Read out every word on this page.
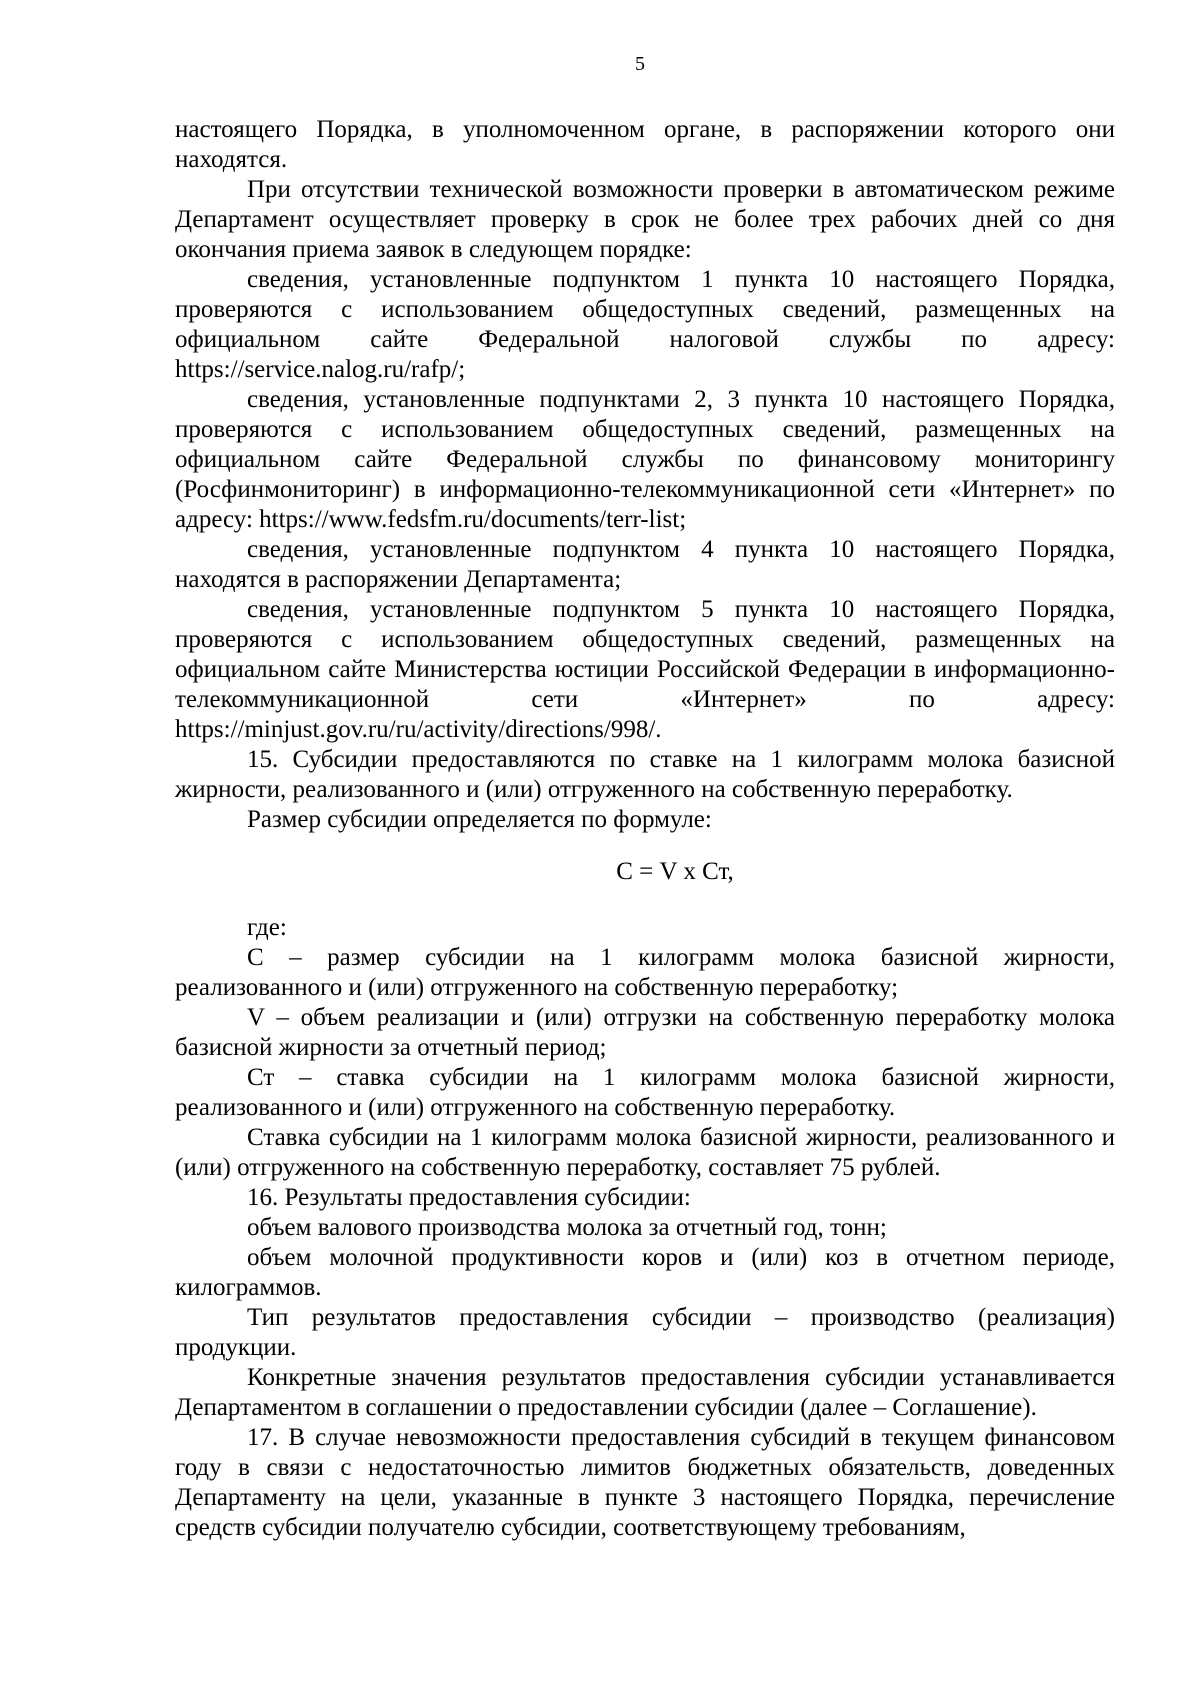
5

настоящего Порядка, в уполномоченном органе, в распоряжении которого они находятся.

При отсутствии технической возможности проверки в автоматическом режиме Департамент осуществляет проверку в срок не более трех рабочих дней со дня окончания приема заявок в следующем порядке:

сведения, установленные подпунктом 1 пункта 10 настоящего Порядка, проверяются с использованием общедоступных сведений, размещенных на официальном сайте Федеральной налоговой службы по адресу: https://service.nalog.ru/rafp/;

сведения, установленные подпунктами 2, 3 пункта 10 настоящего Порядка, проверяются с использованием общедоступных сведений, размещенных на официальном сайте Федеральной службы по финансовому мониторингу (Росфинмониторинг) в информационно-телекоммуникационной сети «Интернет» по адресу: https://www.fedsfm.ru/documents/terr-list;

сведения, установленные подпунктом 4 пункта 10 настоящего Порядка, находятся в распоряжении Департамента;

сведения, установленные подпунктом 5 пункта 10 настоящего Порядка, проверяются с использованием общедоступных сведений, размещенных на официальном сайте Министерства юстиции Российской Федерации в информационно-телекоммуникационной сети «Интернет» по адресу: https://minjust.gov.ru/ru/activity/directions/998/.

15. Субсидии предоставляются по ставке на 1 килограмм молока базисной жирности, реализованного и (или) отгруженного на собственную переработку.

Размер субсидии определяется по формуле:

С = V х Ст,

где:

С – размер субсидии на 1 килограмм молока базисной жирности, реализованного и (или) отгруженного на собственную переработку;

V – объем реализации и (или) отгрузки на собственную переработку молока базисной жирности за отчетный период;

Ст – ставка субсидии на 1 килограмм молока базисной жирности, реализованного и (или) отгруженного на собственную переработку.

Ставка субсидии на 1 килограмм молока базисной жирности, реализованного и (или) отгруженного на собственную переработку, составляет 75 рублей.

16. Результаты предоставления субсидии:

объем валового производства молока за отчетный год, тонн;

объем молочной продуктивности коров и (или) коз в отчетном периоде, килограммов.

Тип результатов предоставления субсидии – производство (реализация) продукции.

Конкретные значения результатов предоставления субсидии устанавливается Департаментом в соглашении о предоставлении субсидии (далее – Соглашение).

17. В случае невозможности предоставления субсидий в текущем финансовом году в связи с недостаточностью лимитов бюджетных обязательств, доведенных Департаменту на цели, указанные в пункте 3 настоящего Порядка, перечисление средств субсидии получателю субсидии, соответствующему требованиям,
